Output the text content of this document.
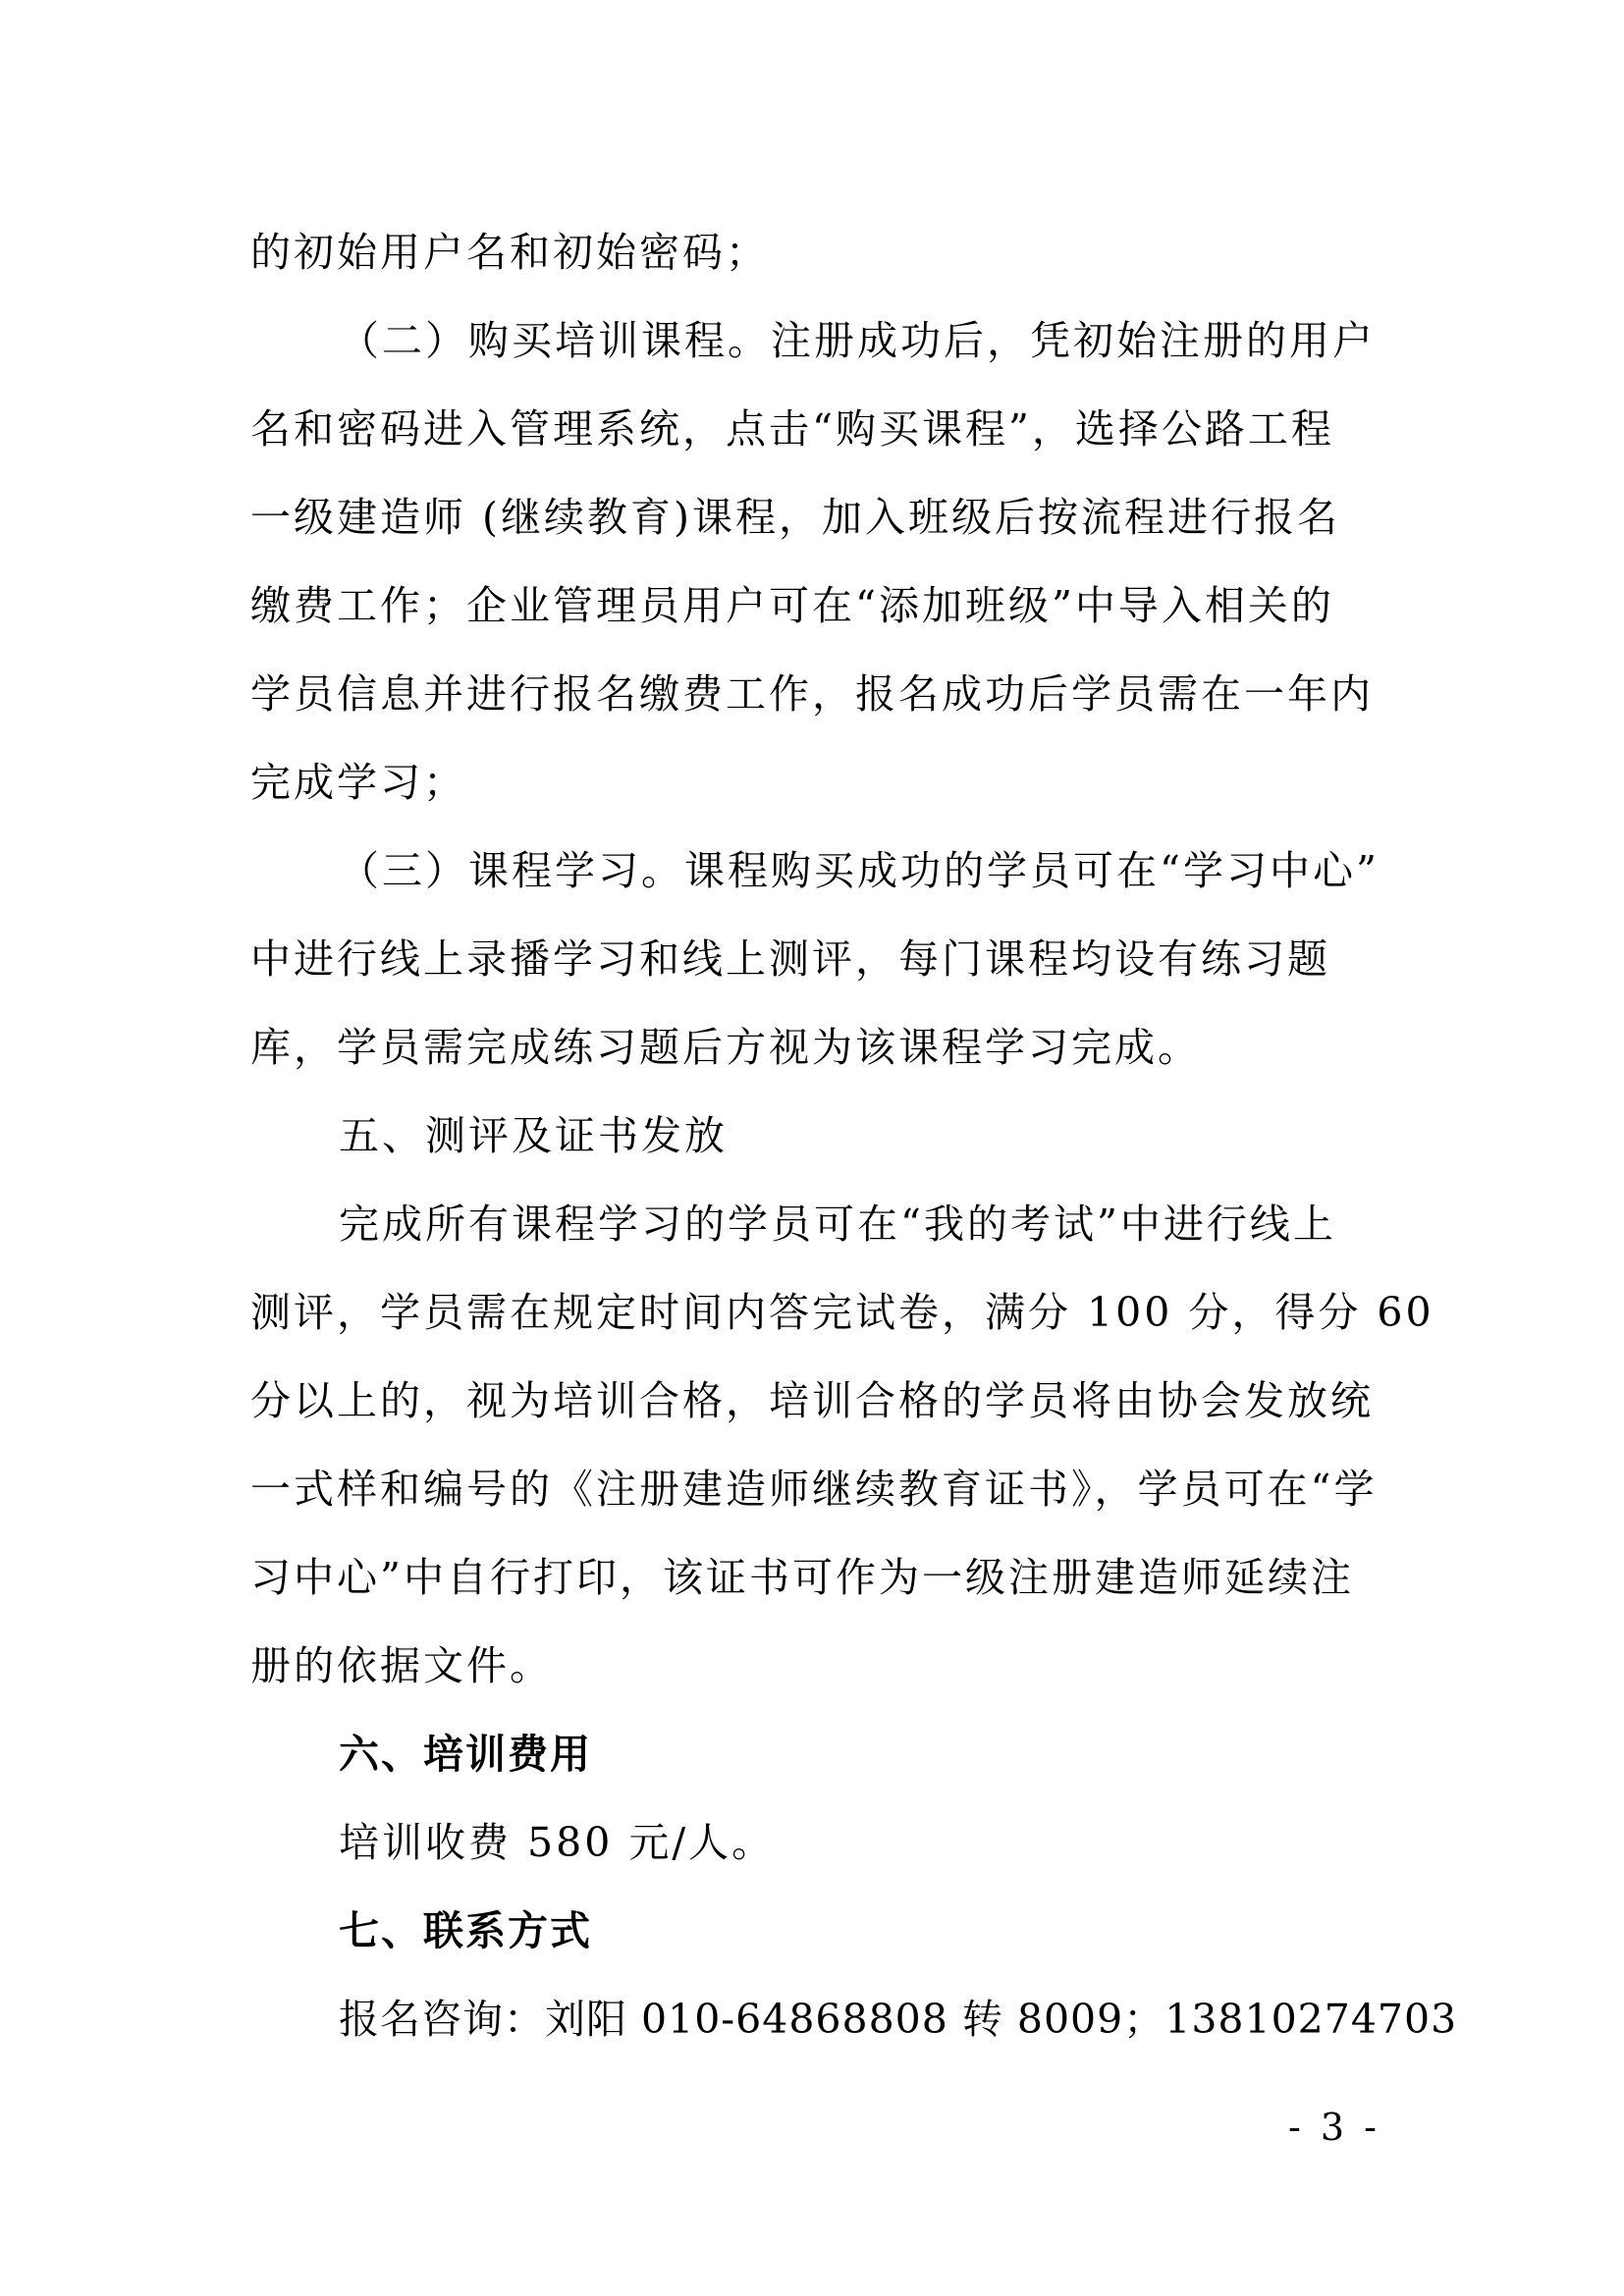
的初始用户名和初始密码；
（二）购买培训课程。注册成功后，凭初始注册的用户
名和密码进入管理系统，点击“购买课程”，选择公路工程
一级建造师 (继续教育)课程，加入班级后按流程进行报名
缴费工作；企业管理员用户可在“添加班级”中导入相关的
学员信息并进行报名缴费工作，报名成功后学员需在一年内
完成学习；
（三）课程学习。课程购买成功的学员可在“学习中心”
中进行线上录播学习和线上测评，每门课程均设有练习题
库，学员需完成练习题后方视为该课程学习完成。
五、测评及证书发放
完成所有课程学习的学员可在“我的考试”中进行线上
测评，学员需在规定时间内答完试卷，满分 100 分，得分 60
分以上的，视为培训合格，培训合格的学员将由协会发放统
一式样和编号的《注册建造师继续教育证书》，学员可在“学
习中心”中自行打印，该证书可作为一级注册建造师延续注
册的依据文件。
六、培训费用
培训收费 580 元/人。
七、联系方式
报名咨询：刘阳 010-64868808 转 8009；13810274703
- 3 -
